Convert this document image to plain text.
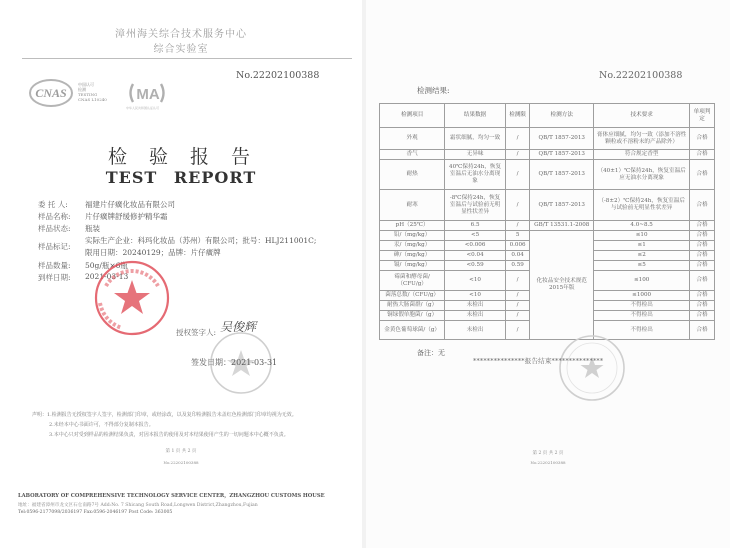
漳州海关综合技术服务中心
综合实验室
No.22202100388
CNAS
中国认可
检测
TESTING
CNAS L10240 MA
中华人民共和国认证认可
检验报告
TEST REPORT
委 托 人: 福建片仔癀化妆品有限公司
样品名称: 片仔癀牌舒缓修护精华霜
样品状态: 瓶装
样品标记:
实际生产企业：科玛化妆品（苏州）有限公司；批号：HLJ211001C;
限用日期：20240129；品牌：片仔癀牌
样品数量: 50g/瓶×6瓶
到样日期: 2021-03-13
授权签字人: 吴俊辉
签发日期：2021-03-31
声明：1.检测报告无授权签字人签字，检测部门印章，或经涂改，以及复印检测报告未盖红色检测部门印章均视为无效。
2.未经本中心书面许可，不得部分复制本报告。
3.本中心只对受到样品的检测结果负责，对因本报告的使用及对本结果使用产生的一切问题本中心概不负责。
第 1 页 共 2 页
No.22202100388
LABORATORY OF COMPREHENSIVE TECHNOLOGY SERVICE CENTER，ZHANGZHOU CUSTOMS HOUSE
地址：福建省漳州市龙文区石仓南路7号 Add:No. 7 Shicang South Road,Longwen District,Zhangzhou,Fujian
Tel:0596-2177098/2036197 Fax:0596-2046197 Post Code: 363005
No.22202100388
检测结果:
检测项目	结果数据	检测限	检测方法	技术要求	单项判定
外观	霜状细腻，均匀一致	/	QB/T 1857-2013	膏体应细腻，均匀一致（添加不溶性颗粒或不溶粉末的产品除外）	合格
香气	无异味	/	QB/T 1857-2013	符合规定香型	合格
耐热	40℃保持24h，恢复室温后无油水分离现象	/	QB/T 1857-2013	（40±1）℃保持24h，恢复室温后应无油水分离现象	合格
耐寒	-8℃保持24h，恢复室温后与试验前无明显性状差异	/	QB/T 1857-2013	（-8±2）℃保持24h，恢复室温后与试验前无明显性状差异	合格
pH（25℃）	6.5	/	GB/T 13531.1-2008	4.0~8.5	合格
铅/（mg/kg）	<5	5	化妆品安全技术规范 2015年版	≤10	合格
汞/（mg/kg）	<0.006	0.006		≤1	合格
砷/（mg/kg）	<0.04	0.04		≤2	合格
镉/（mg/kg）	<0.59	0.59		≤5	合格
霉菌和酵母菌/（CFU/g）	<10	/		≤100	合格
菌落总数/（CFU/g）	<10	/		≤1000	合格
耐热大肠菌群/（g）	未检出	/		不得检出	合格
铜绿假单胞菌/（g）	未检出	/		不得检出	合格
金黄色葡萄球菌/（g）	未检出	/		不得检出	合格
备注：无
***************报告结束***************
第 2 页 共 2 页
No.22202100388
